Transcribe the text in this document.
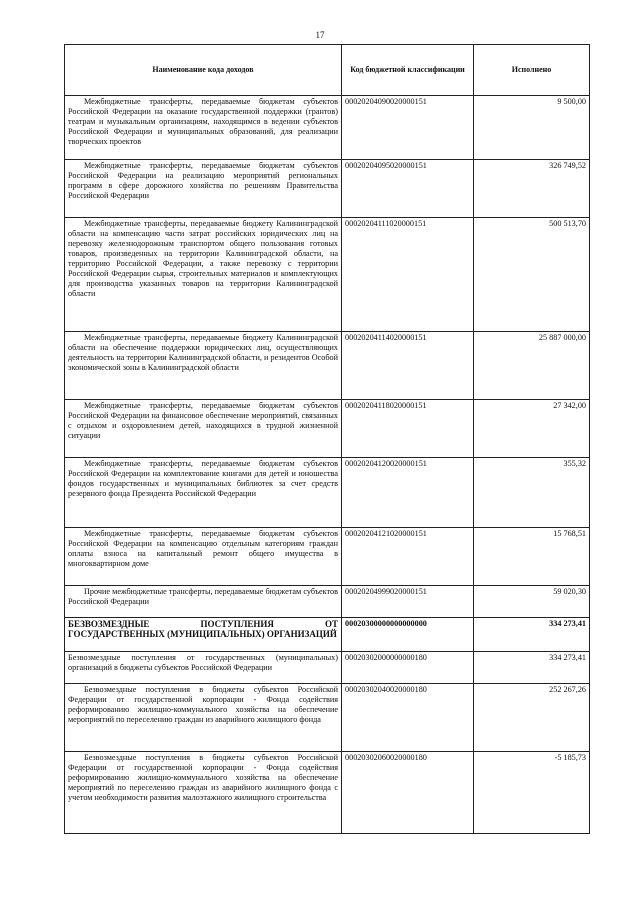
17
Наименование кода доходов	Код бюджетной классификации	Исполнено
Межбюджетные трансферты, передаваемые бюджетам субъектов Российской Федерации на оказание государственной поддержки (грантов) театрам и музыкальным организациям, находящимся в ведении субъектов Российской Федерации и муниципальных образований, для реализации творческих проектов	00020204090020000151	9 500,00
Межбюджетные трансферты, передаваемые бюджетам субъектов Российской Федерации на реализацию мероприятий региональных программ в сфере дорожного хозяйства по решениям Правительства Российской Федерации	00020204095020000151	326 749,52
Межбюджетные трансферты, передаваемые бюджету Калининградской области на компенсацию части затрат российских юридических лиц на перевозку железнодорожным транспортом общего пользования готовых товаров, произведенных на территории Калининградской области, на территорию Российской Федерации, а также перевозку с территории Российской Федерации сырья, строительных материалов и комплектующих для производства указанных товаров на территории Калининградской области	00020204111020000151	500 513,70
Межбюджетные трансферты, передаваемые бюджету Калининградской области на обеспечение поддержки юридических лиц, осуществляющих деятельность на территории Калининградской области, и резидентов Особой экономической зоны в Калининградской области	00020204114020000151	25 887 000,00
Межбюджетные трансферты, передаваемые бюджетам субъектов Российской Федерации на финансовое обеспечение мероприятий, связанных с отдыхом и оздоровлением детей, находящихся в трудной жизненной ситуации	00020204118020000151	27 342,00
Межбюджетные трансферты, передаваемые бюджетам субъектов Российской Федерации на комплектование книгами для детей и юношества фондов государственных и муниципальных библиотек за счет средств резервного фонда Президента Российской Федерации	00020204120020000151	355,32
Межбюджетные трансферты, передаваемые бюджетам субъектов Российской Федерации на компенсацию отдельным категориям граждан оплаты взноса на капитальный ремонт общего имущества в многоквартирном доме	00020204121020000151	15 768,51
Прочие межбюджетные трансферты, передаваемые бюджетам субъектов Российской Федерации	00020204999020000151	59 020,30
БЕЗВОЗМЕЗДНЫЕ ПОСТУПЛЕНИЯ ОТ ГОСУДАРСТВЕННЫХ (МУНИЦИПАЛЬНЫХ) ОРГАНИЗАЦИЙ	00020300000000000000	334 273,41
Безвозмездные поступления от государственных (муниципальных) организаций в бюджеты субъектов Российской Федерации	00020302000000000180	334 273,41
Безвозмездные поступления в бюджеты субъектов Российской Федерации от государственной корпорации - Фонда содействия реформированию жилищно-коммунального хозяйства на обеспечение мероприятий по переселению граждан из аварийного жилищного фонда	00020302040020000180	252 267,26
Безвозмездные поступления в бюджеты субъектов Российской Федерации от государственной корпорации - Фонда содействия реформированию жилищно-коммунального хозяйства на обеспечение мероприятий по переселению граждан из аварийного жилищного фонда с учетом необходимости развития малоэтажного жилищного строительства	00020302060020000180	-5 185,73
